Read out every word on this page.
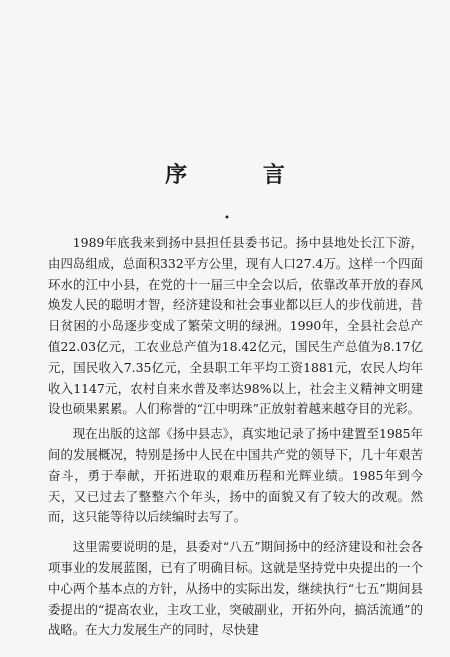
序 言
•

1989年底我来到扬中县担任县委书记。扬中县地处长江下游，由四岛组成，总面积332平方公里，现有人口27.4万。这样一个四面环水的江中小县，在党的十一届三中全会以后，依靠改革开放的春风焕发人民的聪明才智，经济建设和社会事业都以巨人的步伐前进，昔日贫困的小岛逐步变成了繁荣文明的绿洲。1990年，全县社会总产值22.03亿元，工农业总产值为18.42亿元，国民生产总值为8.17亿元，国民收入7.35亿元，全县职工年平均工资1881元，农民人均年收入1147元，农村自来水普及率达98%以上，社会主义精神文明建设也硕果累累。人们称誉的“江中明珠”正放射着越来越夺目的光彩。

现在出版的这部《扬中县志》，真实地记录了扬中建置至1985年间的发展概况，特别是扬中人民在中国共产党的领导下，几十年艰苦奋斗，勇于奉献，开拓进取的艰难历程和光辉业绩。1985年到今天，又已过去了整整六个年头，扬中的面貌又有了较大的改观。然而，这只能等待以后续编时去写了。

这里需要说明的是，县委对“八五”期间扬中的经济建设和社会各项事业的发展蓝图，已有了明确目标。这就是坚持党中央提出的一个中心两个基本点的方针，从扬中的实际出发，继续执行“七五”期间县委提出的“提高农业，主攻工业，突破副业，开拓外向，搞活流通”的战略。在大力发展生产的同时，尽快建
